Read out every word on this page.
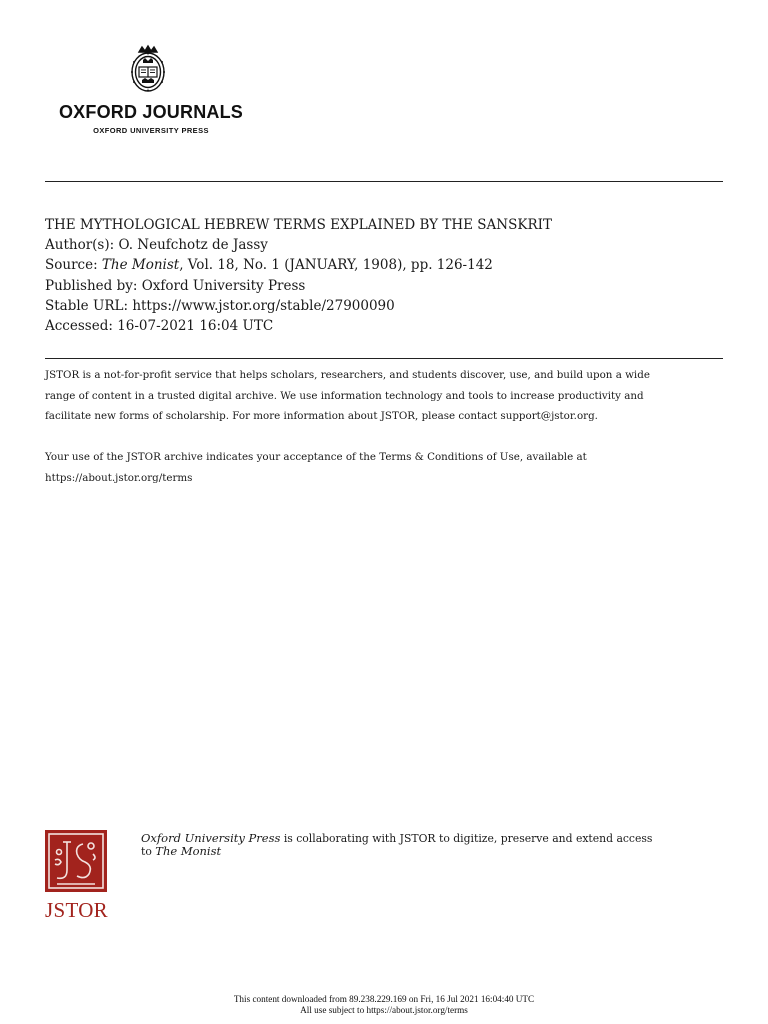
OXFORD JOURNALS
OXFORD UNIVERSITY PRESS
THE MYTHOLOGICAL HEBREW TERMS EXPLAINED BY THE SANSKRIT
Author(s): O. Neufchotz de Jassy
Source: The Monist, Vol. 18, No. 1 (JANUARY, 1908), pp. 126-142
Published by: Oxford University Press
Stable URL: https://www.jstor.org/stable/27900090
Accessed: 16-07-2021 16:04 UTC

JSTOR is a not-for-profit service that helps scholars, researchers, and students discover, use, and build upon a wide

range of content in a trusted digital archive. We use information technology and tools to increase productivity and

facilitate new forms of scholarship. For more information about JSTOR, please contact support@jstor.org.

Your use of the JSTOR archive indicates your acceptance of the Terms & Conditions of Use, available at

https://about.jstor.org/terms

JSTOR
Oxford University Press is collaborating with JSTOR to digitize, preserve and extend access
to The Monist
This content downloaded from 89.238.229.169 on Fri, 16 Jul 2021 16:04:40 UTC
All use subject to https://about.jstor.org/terms
